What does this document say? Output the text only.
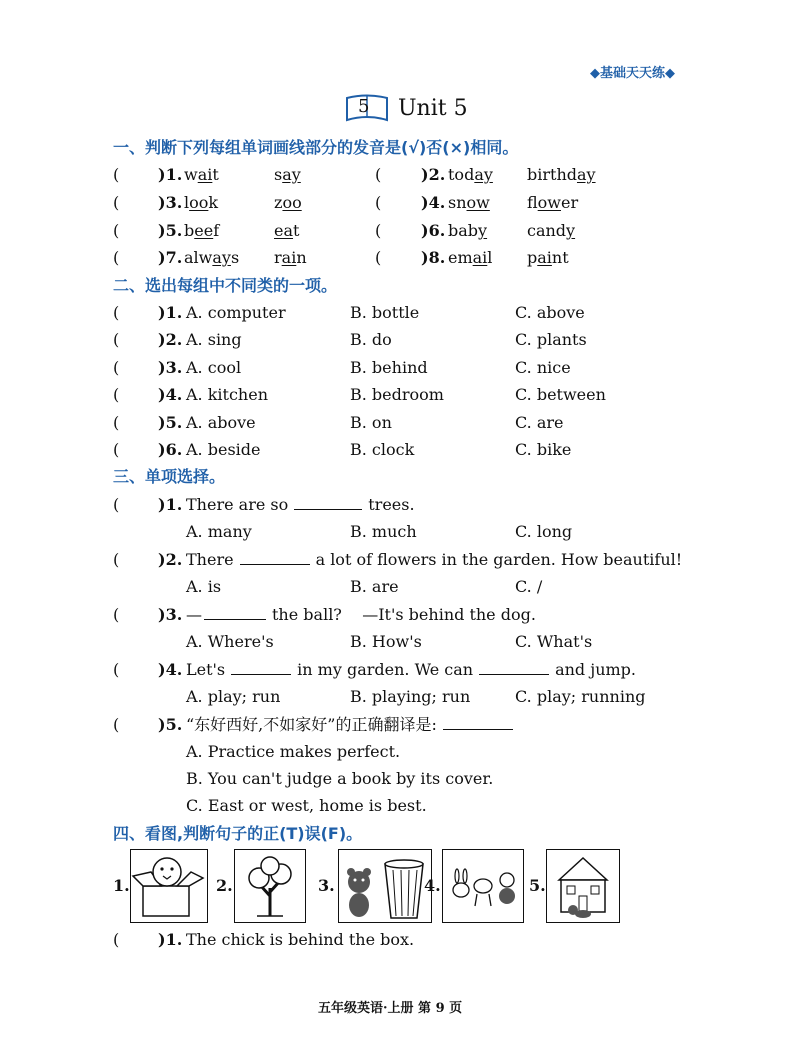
◆基础天天练◆
5 Unit 5
一、判断下列每组单词画线部分的发音是(√)否(×)相同。
( )1. wait	say	( )2. today birthday
( )3. look	zoo	( )4. snow flower
( )5. beef	eat	( )6. baby candy
( )7. always rain	( )8. email paint
二、选出每组中不同类的一项。
( )1. A. computer	B. bottle	C. above
( )2. A. sing	B. do	C. plants
( )3. A. cool	B. behind	C. nice
( )4. A. kitchen	B. bedroom	C. between
( )5. A. above	B. on	C. are
( )6. A. beside	B. clock	C. bike
三、单项选择。
( )1. There are so	trees.
A. many	B. much	C. long
( )2. There	a lot of flowers in the garden. How beautiful!
A. is	B. are	C. /
( )3. —	the ball? —It's behind the dog.
A. Where's	B. How's	C. What's
( )4. Let's	in my garden. We can	and jump.
A. play; run	B. playing; run	C. play; running
( )5. “东好西好,不如家好”的正确翻译是:
A. Practice makes perfect.
B. You can't judge a book by its cover.
C. East or west, home is best.
四、看图,判断句子的正(T)误(F)。
1.	2.	3.	4.	5.
( )1. The chick is behind the box.
五年级英语·上册 第 9 页
